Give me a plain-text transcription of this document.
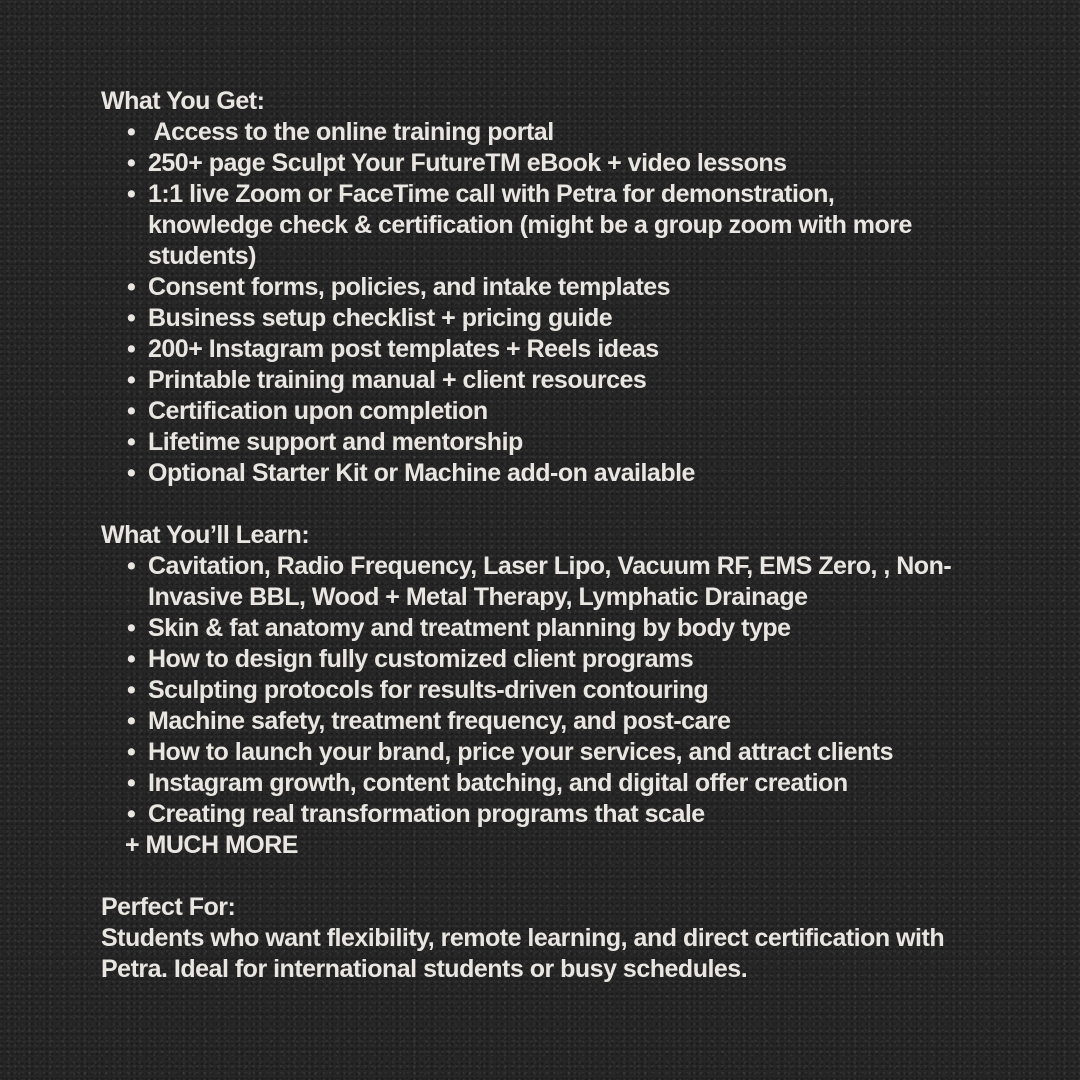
What You Get:
• Access to the online training portal
• 250+ page Sculpt Your FutureTM eBook + video lessons
• 1:1 live Zoom or FaceTime call with Petra for demonstration, knowledge check & certification (might be a group zoom with more students)
• Consent forms, policies, and intake templates
• Business setup checklist + pricing guide
• 200+ Instagram post templates + Reels ideas
• Printable training manual + client resources
• Certification upon completion
• Lifetime support and mentorship
• Optional Starter Kit or Machine add-on available
What You’ll Learn:
• Cavitation, Radio Frequency, Laser Lipo, Vacuum RF, EMS Zero, , Non-Invasive BBL, Wood + Metal Therapy, Lymphatic Drainage
• Skin & fat anatomy and treatment planning by body type
• How to design fully customized client programs
• Sculpting protocols for results-driven contouring
• Machine safety, treatment frequency, and post-care
• How to launch your brand, price your services, and attract clients
• Instagram growth, content batching, and digital offer creation
• Creating real transformation programs that scale
+ MUCH MORE
Perfect For:
Students who want flexibility, remote learning, and direct certification with Petra. Ideal for international students or busy schedules.
